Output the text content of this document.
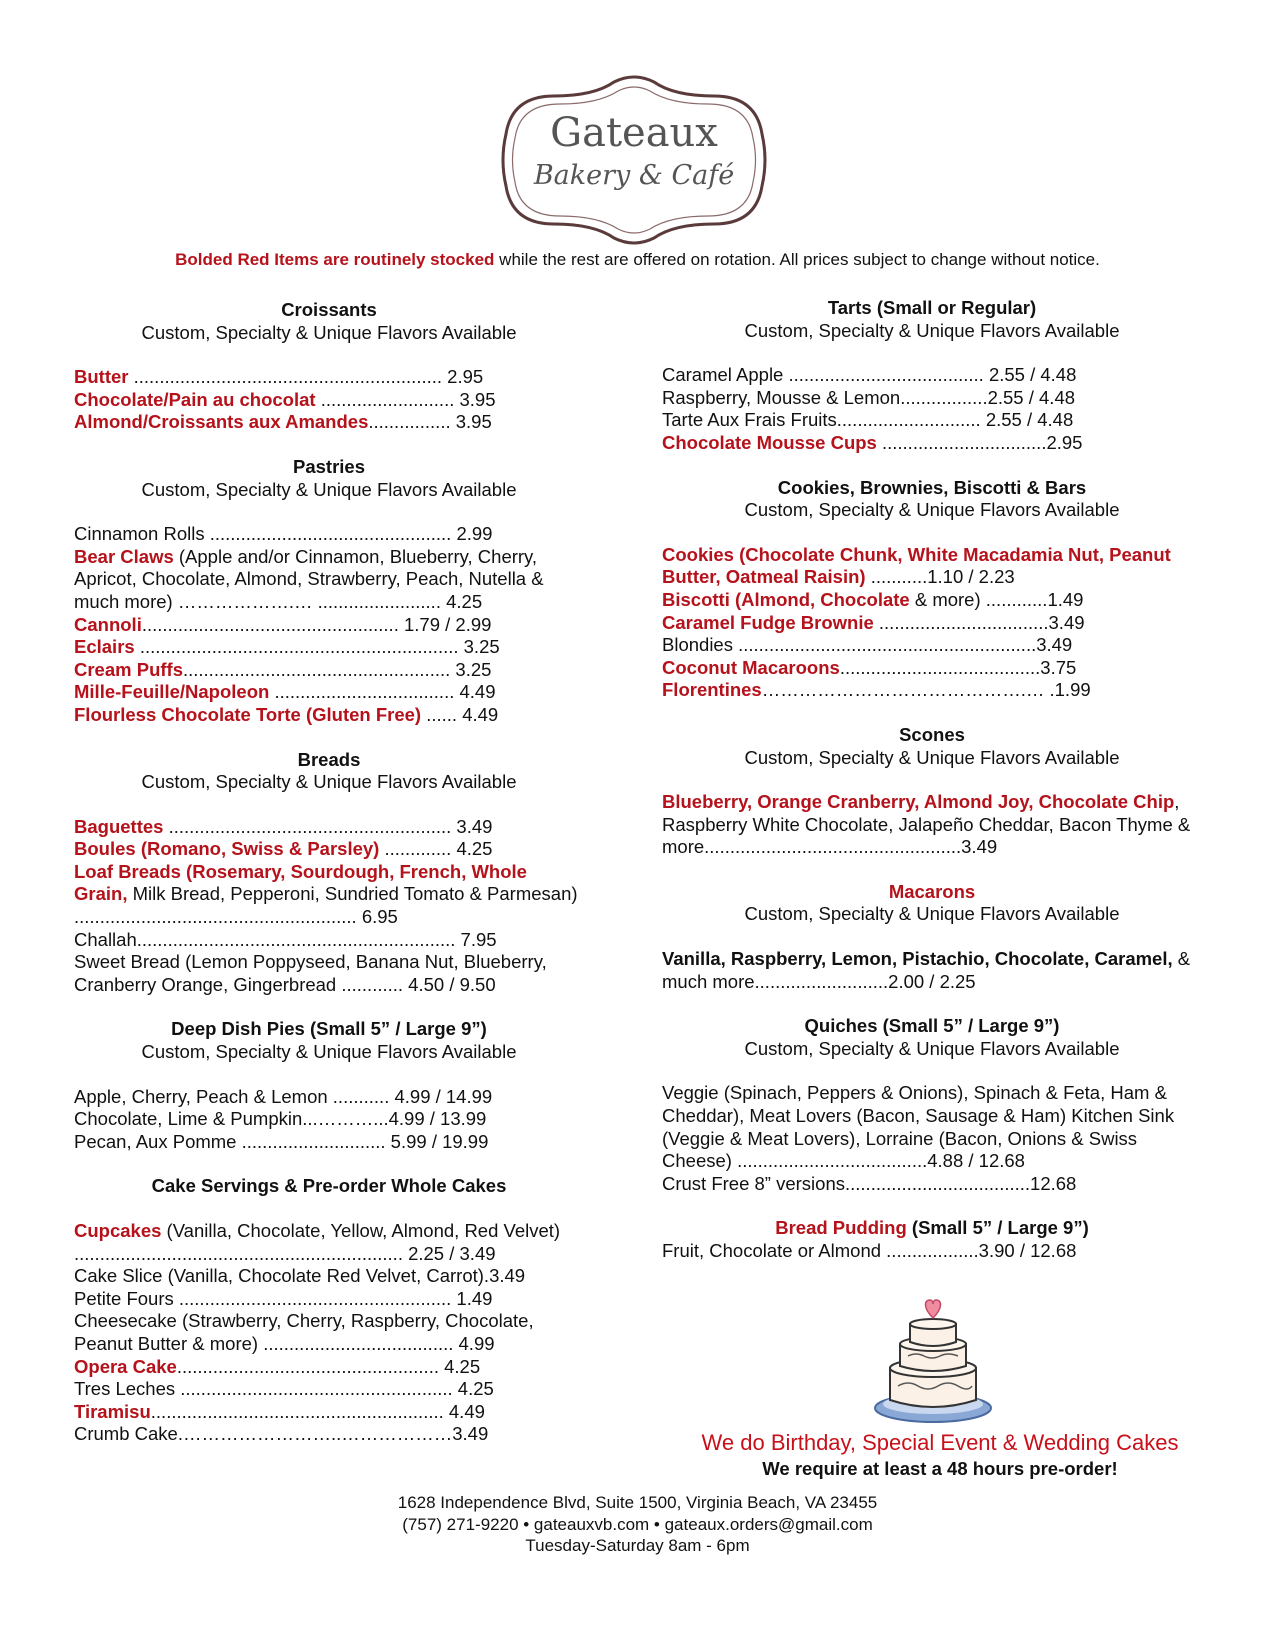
Gateaux
Bakery & Café
Bolded Red Items are routinely stocked while the rest are offered on rotation. All prices subject to change without notice.
Croissants
Custom, Specialty & Unique Flavors Available
Butter ............................................................ 2.95
Chocolate/Pain au chocolat .......................... 3.95
Almond/Croissants aux Amandes................ 3.95
Pastries
Custom, Specialty & Unique Flavors Available
Cinnamon Rolls ............................................... 2.99
Bear Claws (Apple and/or Cinnamon, Blueberry, Cherry, Apricot, Chocolate, Almond, Strawberry, Peach, Nutella & much more) ……………….… ........................ 4.25
Cannoli.................................................. 1.79 / 2.99
Eclairs .............................................................. 3.25
Cream Puffs.................................................... 3.25
Mille-Feuille/Napoleon ................................... 4.49
Flourless Chocolate Torte (Gluten Free) ...... 4.49
Breads
Custom, Specialty & Unique Flavors Available
Baguettes ....................................................... 3.49
Boules (Romano, Swiss & Parsley) ............. 4.25
Loaf Breads (Rosemary, Sourdough, French, Whole Grain, Milk Bread, Pepperoni, Sundried Tomato & Parmesan) ....................................................... 6.95
Challah.............................................................. 7.95
Sweet Bread (Lemon Poppyseed, Banana Nut, Blueberry, Cranberry Orange, Gingerbread ............ 4.50 / 9.50
Deep Dish Pies (Small 5” / Large 9”)
Custom, Specialty & Unique Flavors Available
Apple, Cherry, Peach & Lemon ........... 4.99 / 14.99
Chocolate, Lime & Pumpkin...………...4.99 / 13.99
Pecan, Aux Pomme ............................ 5.99 / 19.99
Cake Servings & Pre-order Whole Cakes
Cupcakes (Vanilla, Chocolate, Yellow, Almond, Red Velvet) ................................................................ 2.25 / 3.49
Cake Slice (Vanilla, Chocolate Red Velvet, Carrot).3.49
Petite Fours ..................................................... 1.49
Cheesecake (Strawberry, Cherry, Raspberry, Chocolate, Peanut Butter & more) ..................................... 4.99
Opera Cake................................................... 4.25
Tres Leches ..................................................... 4.25
Tiramisu......................................................... 4.49
Crumb Cake.……………………..………………3.49
Tarts (Small or Regular)
Custom, Specialty & Unique Flavors Available
Caramel Apple ...................................... 2.55 / 4.48
Raspberry, Mousse & Lemon.................2.55 / 4.48
Tarte Aux Frais Fruits............................ 2.55 / 4.48
Chocolate Mousse Cups ................................2.95
Cookies, Brownies, Biscotti & Bars
Custom, Specialty & Unique Flavors Available
Cookies (Chocolate Chunk, White Macadamia Nut, Peanut Butter, Oatmeal Raisin) ...........1.10 / 2.23
Biscotti (Almond, Chocolate & more) ............1.49
Caramel Fudge Brownie .................................3.49
Blondies ..........................................................3.49
Coconut Macaroons.......................................3.75
Florentines…………………………………….… .1.99
Scones
Custom, Specialty & Unique Flavors Available
Blueberry, Orange Cranberry, Almond Joy, Chocolate Chip, Raspberry White Chocolate, Jalapeño Cheddar, Bacon Thyme & more..................................................3.49
Macarons
Custom, Specialty & Unique Flavors Available
Vanilla, Raspberry, Lemon, Pistachio, Chocolate, Caramel, & much more..........................2.00 / 2.25
Quiches (Small 5” / Large 9”)
Custom, Specialty & Unique Flavors Available
Veggie (Spinach, Peppers & Onions), Spinach & Feta, Ham & Cheddar), Meat Lovers (Bacon, Sausage & Ham) Kitchen Sink (Veggie & Meat Lovers), Lorraine (Bacon, Onions & Swiss Cheese) .....................................4.88 / 12.68
Crust Free 8” versions....................................12.68
Bread Pudding (Small 5” / Large 9”)
Fruit, Chocolate or Almond ..................3.90 / 12.68
We do Birthday, Special Event & Wedding Cakes
We require at least a 48 hours pre-order!
1628 Independence Blvd, Suite 1500, Virginia Beach, VA 23455
(757) 271-9220 • gateauxvb.com • gateaux.orders@gmail.com
Tuesday-Saturday 8am - 6pm
